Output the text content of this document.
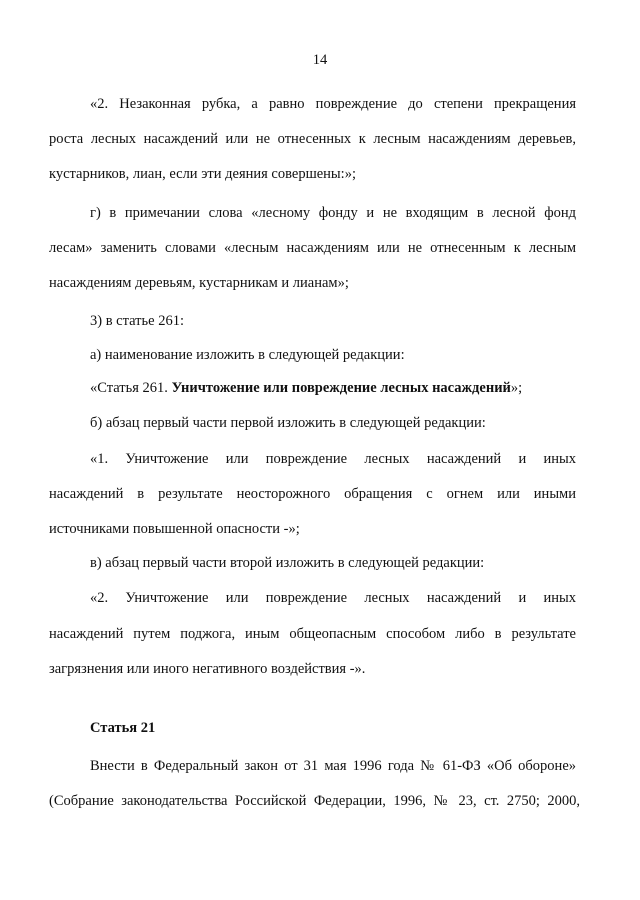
14
«2. Незаконная рубка, а равно повреждение до степени прекращения
роста лесных насаждений или не отнесенных к лесным насаждениям деревьев,
кустарников, лиан, если эти деяния совершены:»;
г) в примечании слова «лесному фонду и не входящим в лесной фонд
лесам» заменить словами «лесным насаждениям или не отнесенным к лесным
насаждениям деревьям, кустарникам и лианам»;
3) в статье 261:
а) наименование изложить в следующей редакции:
«Статья 261. Уничтожение или повреждение лесных насаждений»;
б) абзац первый части первой изложить в следующей редакции:
«1. Уничтожение или повреждение лесных насаждений и иных
насаждений в результате неосторожного обращения с огнем или иными
источниками повышенной опасности -»;
в) абзац первый части второй изложить в следующей редакции:
«2. Уничтожение или повреждение лесных насаждений и иных
насаждений путем поджога, иным общеопасным способом либо в результате
загрязнения или иного негативного воздействия -».
Статья 21
Внести в Федеральный закон от 31 мая 1996 года № 61-ФЗ «Об обороне»
(Собрание законодательства Российской Федерации, 1996, № 23, ст. 2750; 2000,
